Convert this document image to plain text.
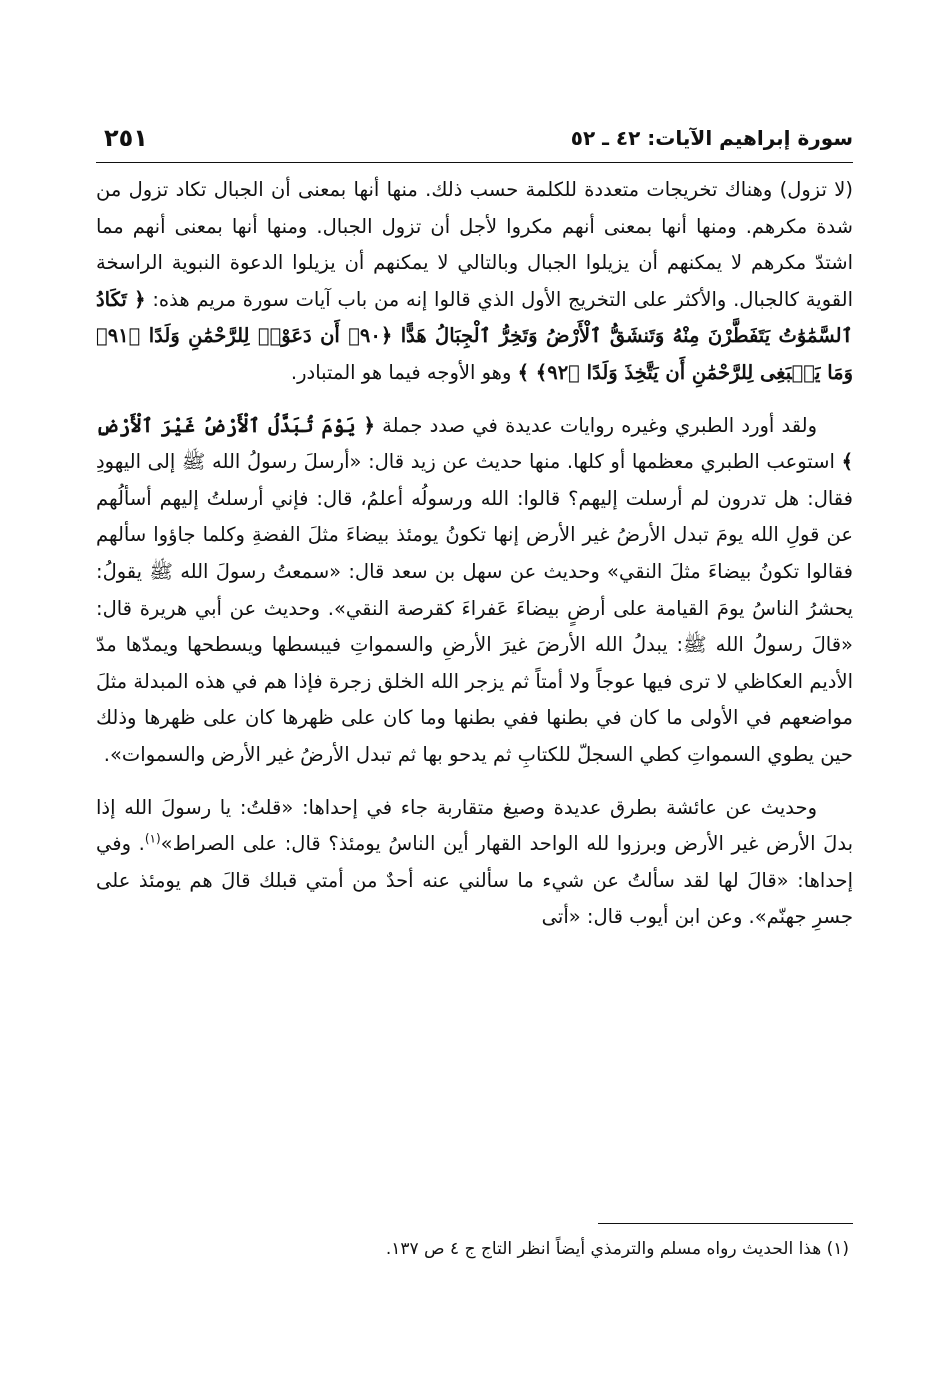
سورة إبراهيم الآيات: ٤٢ ـ ٥٢
٢٥١

(لا تزول) وهناك تخريجات متعددة للكلمة حسب ذلك. منها أنها بمعنى أن الجبال تكاد تزول من شدة مكرهم. ومنها أنها بمعنى أنهم مكروا لأجل أن تزول الجبال. ومنها أنها بمعنى أنهم مما اشتدّ مكرهم لا يمكنهم أن يزيلوا الجبال وبالتالي لا يمكنهم أن يزيلوا الدعوة النبوية الراسخة القوية كالجبال. والأكثر على التخريج الأول الذي قالوا إنه من باب آيات سورة مريم هذه: ﴿ تَكَادُ ٱلسَّمَٰوَٰتُ يَتَفَطَّرْنَ مِنْهُ وَتَنشَقُّ ٱلْأَرْضُ وَتَخِرُّ ٱلْجِبَالُ هَدًّا ﴿٩٠﴾ أَن دَعَوْا۟ لِلرَّحْمَٰنِ وَلَدًا ﴿٩١﴾ وَمَا يَنۢبَغِى لِلرَّحْمَٰنِ أَن يَتَّخِذَ وَلَدًا ﴿٩٢﴾ ﴾ وهو الأوجه فيما هو المتبادر.

ولقد أورد الطبري وغيره روايات عديدة في صدد جملة ﴿ يَوْمَ تُبَدَّلُ ٱلْأَرْضُ غَيْرَ ٱلْأَرْضِ ﴾ استوعب الطبري معظمها أو كلها. منها حديث عن زيد قال: «أرسلَ رسولُ الله ﷺ إلى اليهودِ فقال: هل تدرون لم أرسلت إليهم؟ قالوا: الله ورسولُه أعلمُ، قال: فإني أرسلتُ إليهم أسألُهم عن قولِ الله يومَ تبدل الأرضُ غير الأرض إنها تكونُ يومئذ بيضاءَ مثلَ الفضةِ وكلما جاؤوا سألهم فقالوا تكونُ بيضاءَ مثلَ النقي» وحديث عن سهل بن سعد قال: «سمعتُ رسولَ الله ﷺ يقولُ: يحشرُ الناسُ يومَ القيامة على أرضٍ بيضاءَ عَفراءَ كقرصة النقي». وحديث عن أبي هريرة قال: «قالَ رسولُ الله ﷺ: يبدلُ الله الأرضَ غيرَ الأرضِ والسمواتِ فيبسطها ويسطحها ويمدّها مدّ الأديم العكاظي لا ترى فيها عوجاً ولا أمتاً ثم يزجر الله الخلق زجرة فإذا هم في هذه المبدلة مثلَ مواضعهم في الأولى ما كان في بطنها ففي بطنها وما كان على ظهرها كان على ظهرها وذلك حين يطوي السمواتِ كطي السجلّ للكتابِ ثم يدحو بها ثم تبدل الأرضُ غير الأرض والسموات».

وحديث عن عائشة بطرق عديدة وصيغ متقاربة جاء في إحداها: «قلتُ: يا رسولَ الله إذا بدلَ الأرض غير الأرض وبرزوا لله الواحد القهار أين الناسُ يومئذ؟ قال: على الصراط»$^{(١)}$. وفي إحداها: «قالَ لها لقد سألتُ عن شيء ما سألني عنه أحدٌ من أمتي قبلك قالَ هم يومئذ على جسرِ جهنّم». وعن ابن أيوب قال: «أتى

(١) هذا الحديث رواه مسلم والترمذي أيضاً انظر التاج ج ٤ ص ١٣٧.
